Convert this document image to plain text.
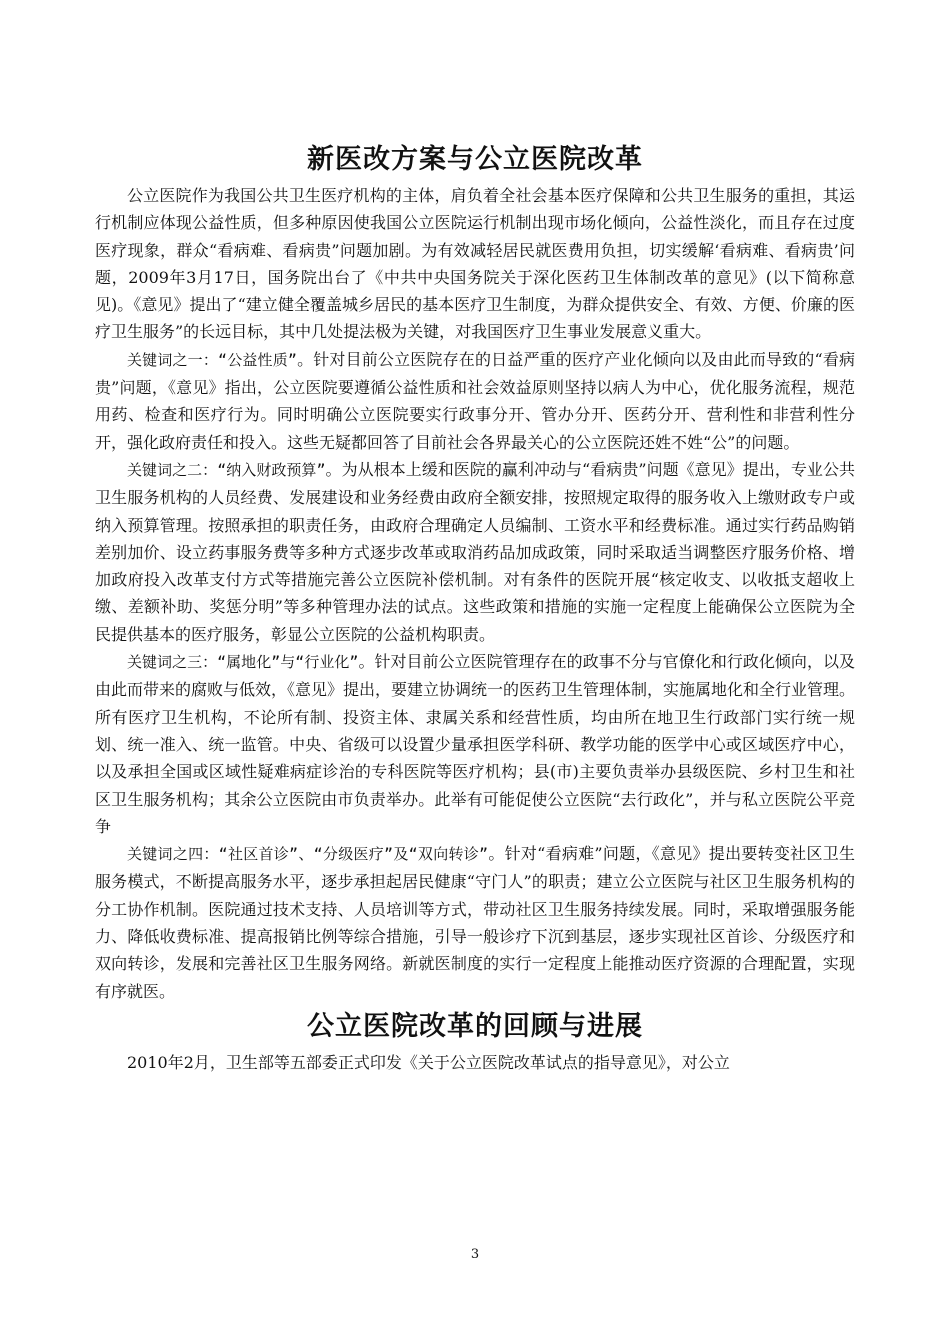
新医改方案与公立医院改革

公立医院作为我国公共卫生医疗机构的主体，肩负着全社会基本医疗保障和公共卫生服务的重担，其运行机制应体现公益性质，但多种原因使我国公立医院运行机制出现市场化倾向，公益性淡化，而且存在过度医疗现象，群众“看病难、看病贵”问题加剧。为有效减轻居民就医费用负担，切实缓解‘看病难、看病贵’问题，2009年3月17日，国务院出台了《中共中央国务院关于深化医药卫生体制改革的意见》(以下简称意见)。《意见》提出了“建立健全覆盖城乡居民的基本医疗卫生制度，为群众提供安全、有效、方便、价廉的医疗卫生服务”的长远目标，其中几处提法极为关键，对我国医疗卫生事业发展意义重大。

关键词之一：“公益性质”。针对目前公立医院存在的日益严重的医疗产业化倾向以及由此而导致的“看病贵”问题，《意见》指出，公立医院要遵循公益性质和社会效益原则坚持以病人为中心，优化服务流程，规范用药、检查和医疗行为。同时明确公立医院要实行政事分开、管办分开、医药分开、营利性和非营利性分开，强化政府责任和投入。这些无疑都回答了目前社会各界最关心的公立医院还姓不姓“公”的问题。

关键词之二：“纳入财政预算”。为从根本上缓和医院的赢利冲动与“看病贵”问题《意见》提出，专业公共卫生服务机构的人员经费、发展建设和业务经费由政府全额安排，按照规定取得的服务收入上缴财政专户或纳入预算管理。按照承担的职责任务，由政府合理确定人员编制、工资水平和经费标准。通过实行药品购销差别加价、设立药事服务费等多种方式逐步改革或取消药品加成政策，同时采取适当调整医疗服务价格、增加政府投入改革支付方式等措施完善公立医院补偿机制。对有条件的医院开展“核定收支、以收抵支超收上缴、差额补助、奖惩分明”等多种管理办法的试点。这些政策和措施的实施一定程度上能确保公立医院为全民提供基本的医疗服务，彰显公立医院的公益机构职责。

关键词之三：“属地化”与“行业化”。针对目前公立医院管理存在的政事不分与官僚化和行政化倾向，以及由此而带来的腐败与低效，《意见》提出，要建立协调统一的医药卫生管理体制，实施属地化和全行业管理。所有医疗卫生机构，不论所有制、投资主体、隶属关系和经营性质，均由所在地卫生行政部门实行统一规划、统一准入、统一监管。中央、省级可以设置少量承担医学科研、教学功能的医学中心或区域医疗中心，以及承担全国或区域性疑难病症诊治的专科医院等医疗机构；县(市)主要负责举办县级医院、乡村卫生和社区卫生服务机构；其余公立医院由市负责举办。此举有可能促使公立医院“去行政化”，并与私立医院公平竞争

关键词之四：“社区首诊”、“分级医疗”及“双向转诊”。针对“看病难”问题，《意见》提出要转变社区卫生服务模式，不断提高服务水平，逐步承担起居民健康“守门人”的职责；建立公立医院与社区卫生服务机构的分工协作机制。医院通过技术支持、人员培训等方式，带动社区卫生服务持续发展。同时，采取增强服务能力、降低收费标准、提高报销比例等综合措施，引导一般诊疗下沉到基层，逐步实现社区首诊、分级医疗和双向转诊，发展和完善社区卫生服务网络。新就医制度的实行一定程度上能推动医疗资源的合理配置，实现有序就医。

公立医院改革的回顾与进展

2010年2月，卫生部等五部委正式印发《关于公立医院改革试点的指导意见》，对公立

3
